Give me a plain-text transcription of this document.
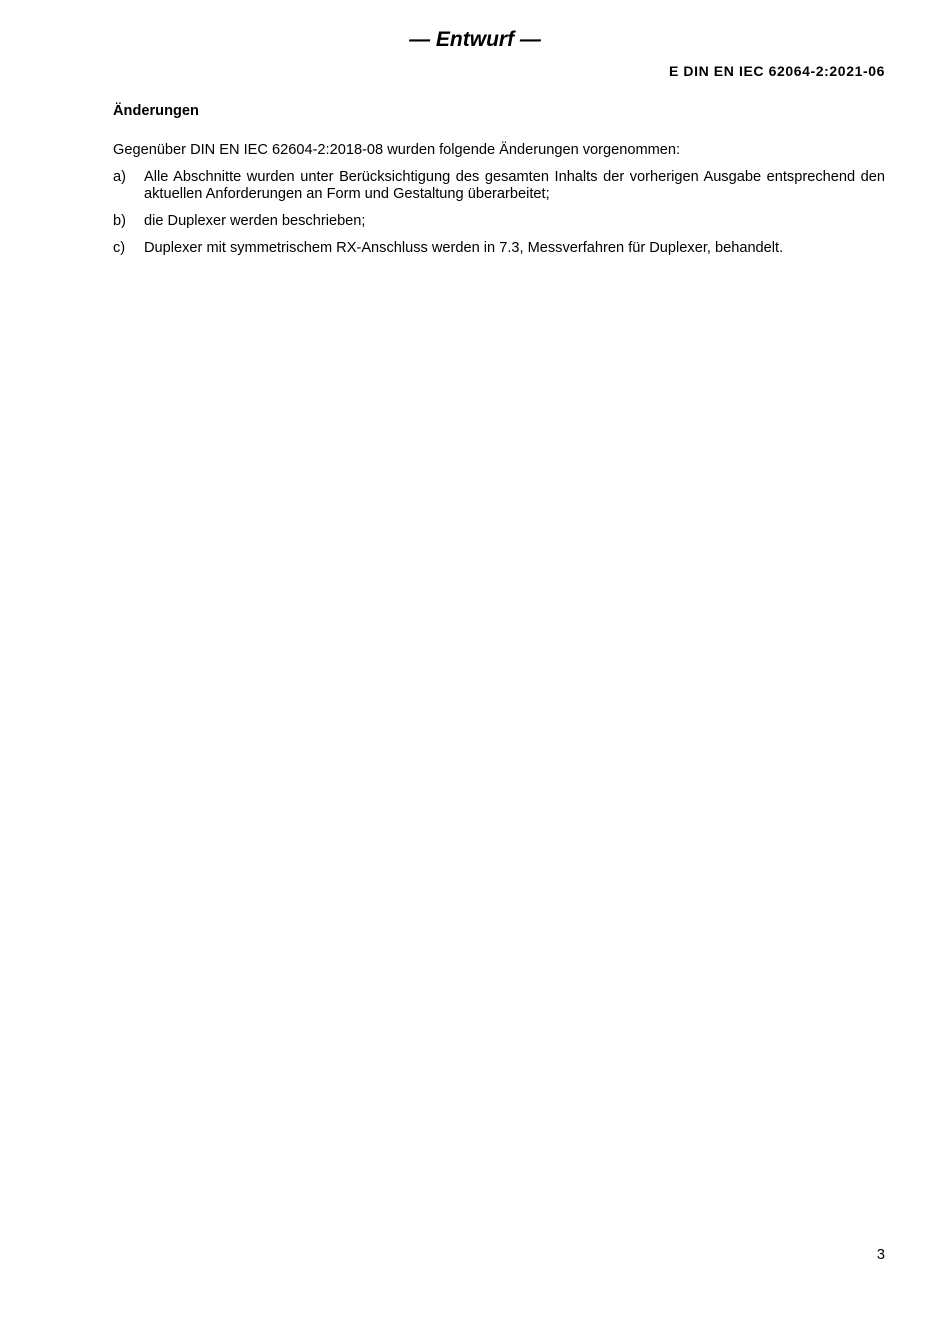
— Entwurf —
E DIN EN IEC 62064-2:2021-06
Änderungen
Gegenüber DIN EN IEC 62604-2:2018-08 wurden folgende Änderungen vorgenommen:
a)	Alle Abschnitte wurden unter Berücksichtigung des gesamten Inhalts der vorherigen Ausgabe entsprechend den aktuellen Anforderungen an Form und Gestaltung überarbeitet;
b)	die Duplexer werden beschrieben;
c)	Duplexer mit symmetrischem RX-Anschluss werden in 7.3, Messverfahren für Duplexer, behandelt.
3
